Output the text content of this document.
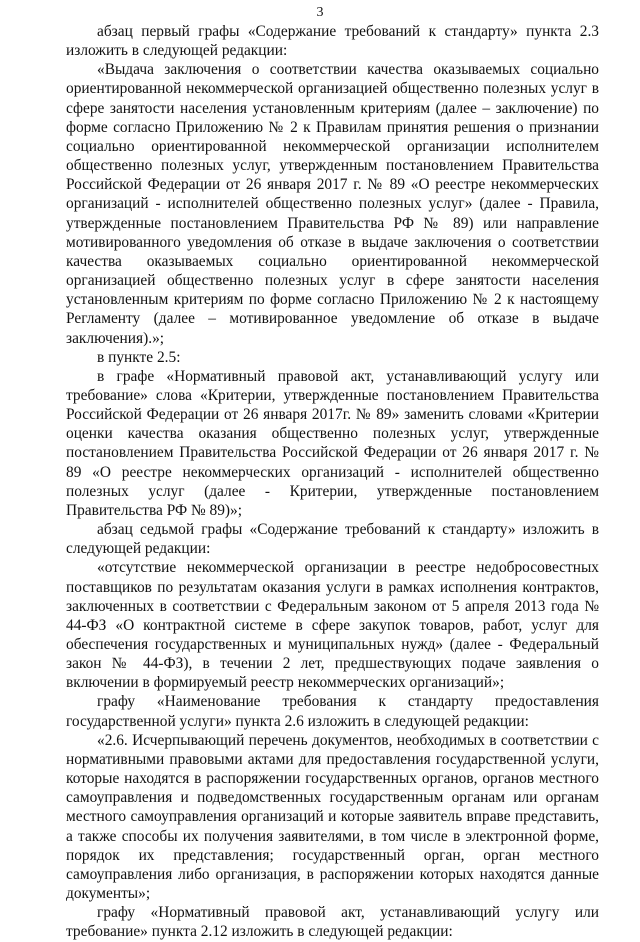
3

абзац первый графы «Содержание требований к стандарту» пункта 2.3 изложить в следующей редакции:

«Выдача заключения о соответствии качества оказываемых социально ориентированной некоммерческой организацией общественно полезных услуг в сфере занятости населения установленным критериям (далее – заключение) по форме согласно Приложению № 2 к Правилам принятия решения о признании социально ориентированной некоммерческой организации исполнителем общественно полезных услуг, утвержденным постановлением Правительства Российской Федерации от 26 января 2017 г. № 89 «О реестре некоммерческих организаций - исполнителей общественно полезных услуг» (далее - Правила, утвержденные постановлением Правительства РФ № 89) или направление мотивированного уведомления об отказе в выдаче заключения о соответствии качества оказываемых социально ориентированной некоммерческой организацией общественно полезных услуг в сфере занятости населения установленным критериям по форме согласно Приложению № 2 к настоящему Регламенту (далее – мотивированное уведомление об отказе в выдаче заключения).»;

в пункте 2.5:

в графе «Нормативный правовой акт, устанавливающий услугу или требование» слова «Критерии, утвержденные постановлением Правительства Российской Федерации от 26 января 2017г. № 89» заменить словами «Критерии оценки качества оказания общественно полезных услуг, утвержденные постановлением Правительства Российской Федерации от 26 января 2017 г. № 89 «О реестре некоммерческих организаций - исполнителей общественно полезных услуг (далее - Критерии, утвержденные постановлением Правительства РФ № 89)»;

абзац седьмой графы «Содержание требований к стандарту» изложить в следующей редакции:

«отсутствие некоммерческой организации в реестре недобросовестных поставщиков по результатам оказания услуги в рамках исполнения контрактов, заключенных в соответствии с Федеральным законом от 5 апреля 2013 года № 44-ФЗ «О контрактной системе в сфере закупок товаров, работ, услуг для обеспечения государственных и муниципальных нужд» (далее - Федеральный закон № 44-ФЗ), в течении 2 лет, предшествующих подаче заявления о включении в формируемый реестр некоммерческих организаций»;

графу «Наименование требования к стандарту предоставления государственной услуги» пункта 2.6 изложить в следующей редакции:

«2.6. Исчерпывающий перечень документов, необходимых в соответствии с нормативными правовыми актами для предоставления государственной услуги, которые находятся в распоряжении государственных органов, органов местного самоуправления и подведомственных государственным органам или органам местного самоуправления организаций и которые заявитель вправе представить, а также способы их получения заявителями, в том числе в электронной форме, порядок их представления; государственный орган, орган местного самоуправления либо организация, в распоряжении которых находятся данные документы»;

графу «Нормативный правовой акт, устанавливающий услугу или требование» пункта 2.12 изложить в следующей редакции:
